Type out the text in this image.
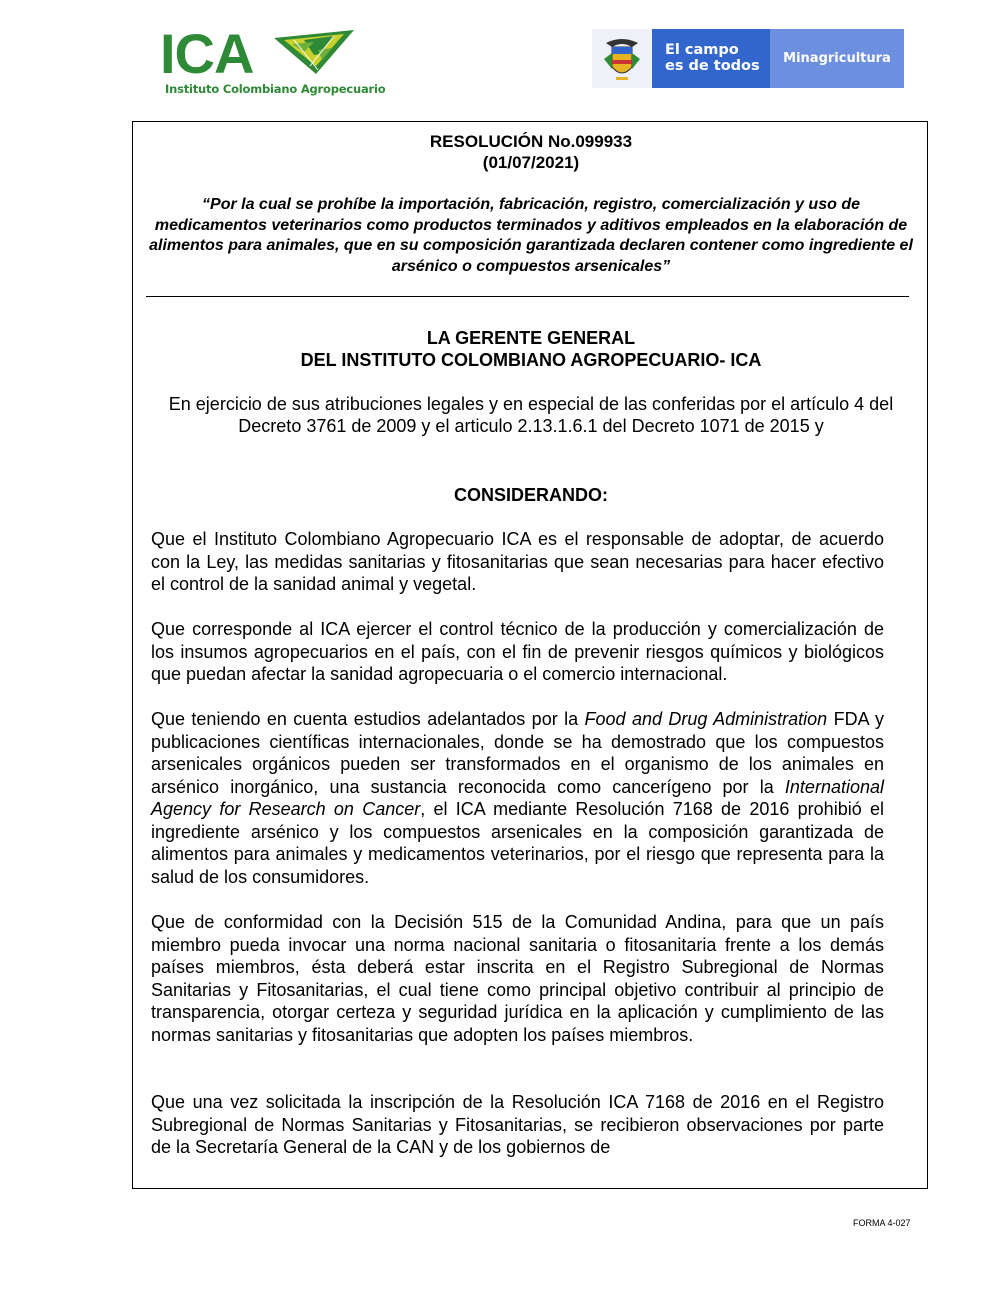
ICA
Instituto Colombiano Agropecuario
El campo
es de todos	Minagricultura
RESOLUCIÓN No.099933
(01/07/2021)
“Por la cual se prohíbe la importación, fabricación, registro, comercialización y uso de medicamentos veterinarios como productos terminados y aditivos empleados en la elaboración de alimentos para animales, que en su composición garantizada declaren contener como ingrediente el arsénico o compuestos arsenicales”
LA GERENTE GENERAL
DEL INSTITUTO COLOMBIANO AGROPECUARIO- ICA
En ejercicio de sus atribuciones legales y en especial de las conferidas por el artículo 4 del Decreto 3761 de 2009 y el articulo 2.13.1.6.1 del Decreto 1071 de 2015 y
CONSIDERANDO:
Que el Instituto Colombiano Agropecuario ICA es el responsable de adoptar, de acuerdo con la Ley, las medidas sanitarias y fitosanitarias que sean necesarias para hacer efectivo el control de la sanidad animal y vegetal.
Que corresponde al ICA ejercer el control técnico de la producción y comercialización de los insumos agropecuarios en el país, con el fin de prevenir riesgos químicos y biológicos que puedan afectar la sanidad agropecuaria o el comercio internacional.
Que teniendo en cuenta estudios adelantados por la Food and Drug Administration FDA y publicaciones científicas internacionales, donde se ha demostrado que los compuestos arsenicales orgánicos pueden ser transformados en el organismo de los animales en arsénico inorgánico, una sustancia reconocida como cancerígeno por la International Agency for Research on Cancer, el ICA mediante Resolución 7168 de 2016 prohibió el ingrediente arsénico y los compuestos arsenicales en la composición garantizada de alimentos para animales y medicamentos veterinarios, por el riesgo que representa para la salud de los consumidores.
Que de conformidad con la Decisión 515 de la Comunidad Andina, para que un país miembro pueda invocar una norma nacional sanitaria o fitosanitaria frente a los demás países miembros, ésta deberá estar inscrita en el Registro Subregional de Normas Sanitarias y Fitosanitarias, el cual tiene como principal objetivo contribuir al principio de transparencia, otorgar certeza y seguridad jurídica en la aplicación y cumplimiento de las normas sanitarias y fitosanitarias que adopten los países miembros.
Que una vez solicitada la inscripción de la Resolución ICA 7168 de 2016 en el Registro Subregional de Normas Sanitarias y Fitosanitarias, se recibieron observaciones por parte de la Secretaría General de la CAN y de los gobiernos de
FORMA 4-027
